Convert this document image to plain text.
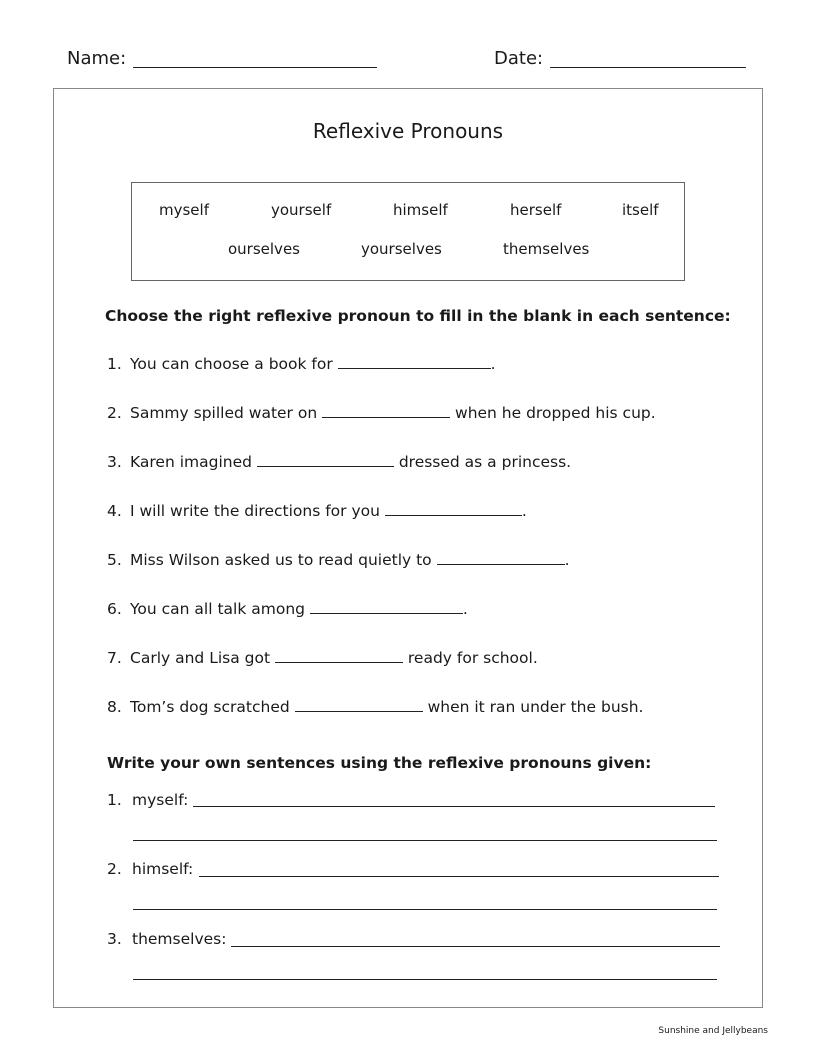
Name:	Date:
Reflexive Pronouns
myself	yourself	himself	herself	itself
ourselves	yourselves	themselves
Choose the right reflexive pronoun to fill in the blank in each sentence:
1. You can choose a book for	.
2. Sammy spilled water on	when he dropped his cup.
3. Karen imagined	dressed as a princess.
4. I will write the directions for you	.
5. Miss Wilson asked us to read quietly to	.
6. You can all talk among	.
7. Carly and Lisa got	ready for school.
8. Tom’s dog scratched	when it ran under the bush.
Write your own sentences using the reflexive pronouns given:
1. myself:
2. himself:
3. themselves:
Sunshine and Jellybeans
